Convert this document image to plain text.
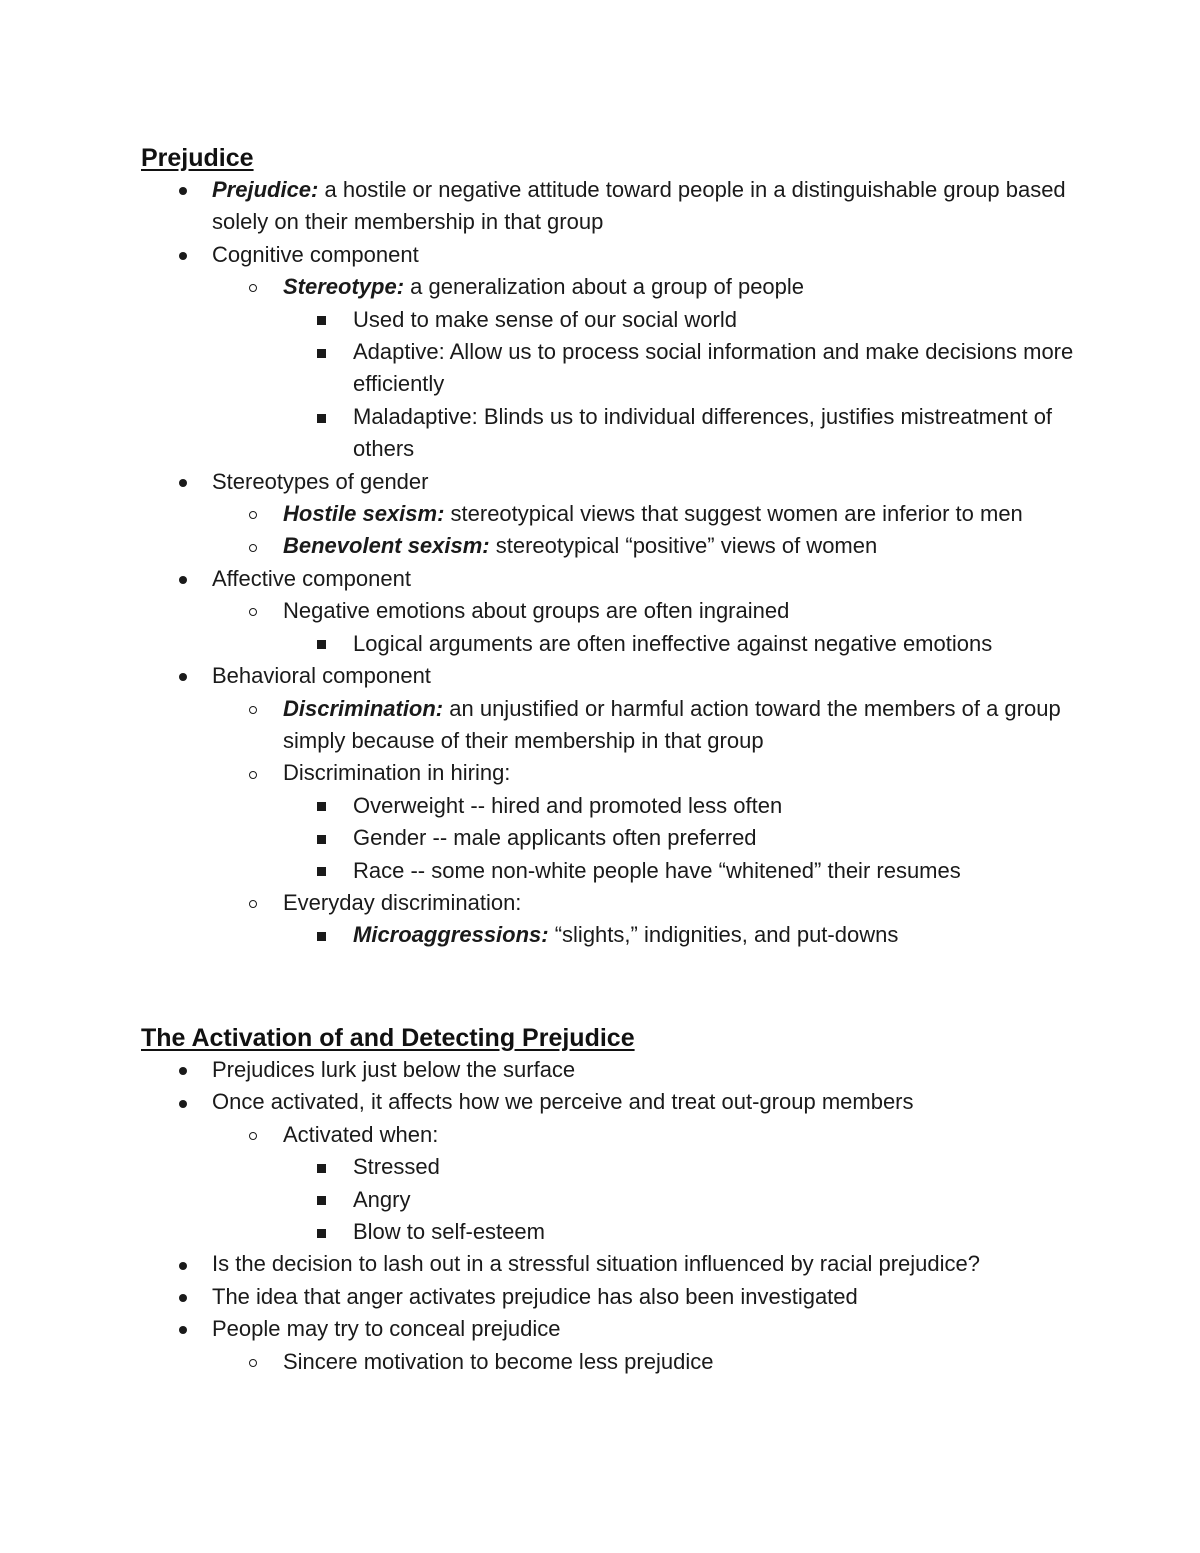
Prejudice
Prejudice: a hostile or negative attitude toward people in a distinguishable group based solely on their membership in that group
Cognitive component
Stereotype: a generalization about a group of people
Used to make sense of our social world
Adaptive: Allow us to process social information and make decisions more efficiently
Maladaptive: Blinds us to individual differences, justifies mistreatment of others
Stereotypes of gender
Hostile sexism: stereotypical views that suggest women are inferior to men
Benevolent sexism: stereotypical “positive” views of women
Affective component
Negative emotions about groups are often ingrained
Logical arguments are often ineffective against negative emotions
Behavioral component
Discrimination: an unjustified or harmful action toward the members of a group simply because of their membership in that group
Discrimination in hiring:
Overweight -- hired and promoted less often
Gender -- male applicants often preferred
Race -- some non-white people have “whitened” their resumes
Everyday discrimination:
Microaggressions: “slights,” indignities, and put-downs
The Activation of and Detecting Prejudice
Prejudices lurk just below the surface
Once activated, it affects how we perceive and treat out-group members
Activated when:
Stressed
Angry
Blow to self-esteem
Is the decision to lash out in a stressful situation influenced by racial prejudice?
The idea that anger activates prejudice has also been investigated
People may try to conceal prejudice
Sincere motivation to become less prejudice
